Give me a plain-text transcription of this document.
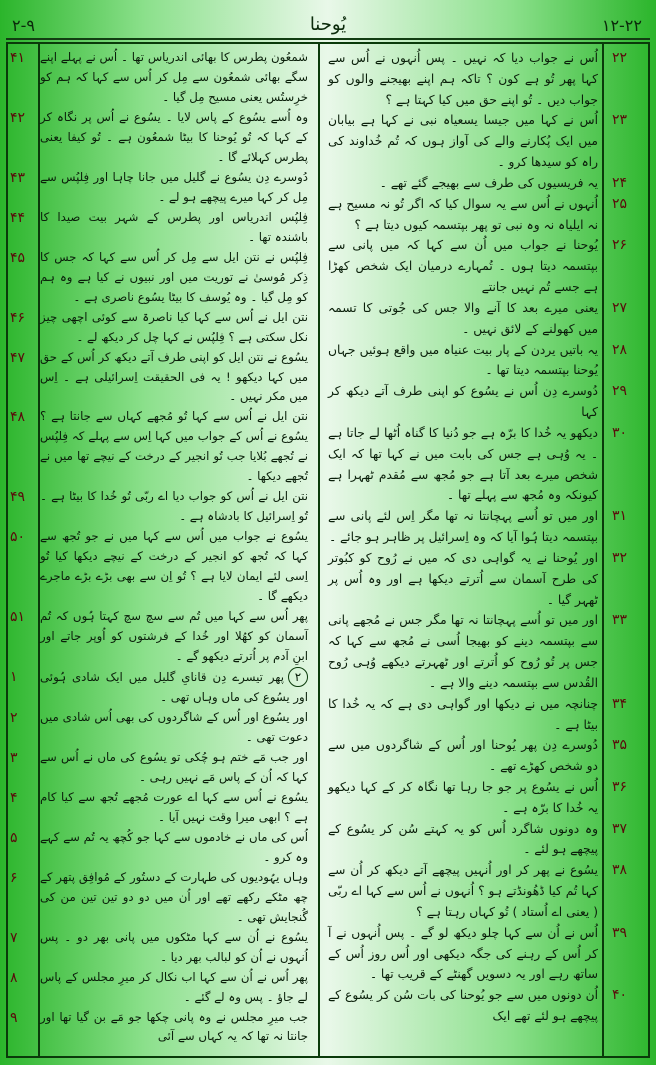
۲-۹	یُوحنا	۱۲-۲۲

اُس نے جواب دیا کہ نہیں ۔ پس اُنہوں نے اُس سے کہا پھر تُو ہے کون ؟ تاکہ ہم اپنے بھیجنے والوں کو جواب دیں ۔ تُو اپنے حق میں کیا کہتا ہے ؟

اُس نے کہا میں جیسا یسعیاہ نبی نے کہا ہے بیابان میں ایک پُکارنے والے کی آواز ہوں کہ تُم خُداوند کی راہ کو سیدھا کرو ۔

یہ فریسیوں کی طرف سے بھیجے گئے تھے ۔

اُنہوں نے اُس سے یہ سوال کیا کہ اگر تُو نہ مسیح ہے نہ ایلیاہ نہ وہ نبی تو پھر بپتسمہ کیوں دیتا ہے ؟

یُوحنا نے جواب میں اُن سے کہا کہ میں پانی سے بپتسمہ دیتا ہوں ۔ تُمہارے درمیان ایک شخص کھڑا ہے جسے تُم نہیں جانتے

یعنی میرے بعد کا آنے والا جس کی جُوتی کا تسمہ میں کھولنے کے لائق نہیں ۔

یہ باتیں یردن کے پار بیت عنیاہ میں واقع ہوئیں جہاں یُوحنا بپتسمہ دیتا تھا ۔

دُوسرے دِن اُس نے یسُوع کو اپنی طرف آتے دیکھ کر کہا

دیکھو یہ خُدا کا برّہ ہے جو دُنیا کا گناہ اُٹھا لے جاتا ہے ۔ یہ وُہی ہے جس کی بابت میں نے کہا تھا کہ ایک شخص میرے بعد آتا ہے جو مُجھ سے مُقدم ٹھہرا ہے کیونکہ وہ مُجھ سے پہلے تھا ۔

اور میں تو اُسے پہچانتا نہ تھا مگر اِس لئے پانی سے بپتسمہ دیتا ہُوا آیا کہ وہ اِسرائیل پر ظاہر ہو جائے ۔

اور یُوحنا نے یہ گواہی دی کہ میں نے رُوح کو کبُوتر کی طرح آسمان سے اُترتے دیکھا ہے اور وہ اُس پر ٹھہر گیا ۔

اور میں تو اُسے پہچانتا نہ تھا مگر جس نے مُجھے پانی سے بپتسمہ دینے کو بھیجا اُسی نے مُجھ سے کہا کہ جس پر تُو رُوح کو اُترتے اور ٹھہرتے دیکھے وُہی رُوح القُدس سے بپتسمہ دینے والا ہے ۔

چنانچہ میں نے دیکھا اور گواہی دی ہے کہ یہ خُدا کا بیٹا ہے ۔

دُوسرے دِن پھر یُوحنا اور اُس کے شاگردوں میں سے دو شخص کھڑے تھے ۔

اُس نے یسُوع پر جو جا رہا تھا نگاہ کر کے کہا دیکھو یہ خُدا کا برّہ ہے ۔

وہ دونوں شاگرد اُس کو یہ کہتے سُن کر یسُوع کے پیچھے ہو لئے ۔

یسُوع نے پھر کر اور اُنہیں پیچھے آتے دیکھ کر اُن سے کہا تُم کیا ڈھُونڈتے ہو ؟ اُنہوں نے اُس سے کہا اے ربّی ( یعنی اے اُستاد ) تُو کہاں رہتا ہے ؟

اُس نے اُن سے کہا چلو دیکھ لو گے ۔ پس اُنہوں نے آ کر اُس کے رہنے کی جگہ دیکھی اور اُس روز اُس کے ساتھ رہے اور یہ دسویں گھنٹے کے قریب تھا ۔

اُن دونوں میں سے جو یُوحنا کی بات سُن کر یسُوع کے پیچھے ہو لئے تھے ایک

شمعُون پطرس کا بھائی اندریاس تھا ۔ اُس نے پہلے اپنے سگے بھائی شمعُون سے مِل کر اُس سے کہا کہ ہم کو خرِستُس یعنی مسیح مِل گیا ۔

وہ اُسے یسُوع کے پاس لایا ۔ یسُوع نے اُس پر نگاہ کر کے کہا کہ تُو یُوحنا کا بیٹا شمعُون ہے ۔ تُو کیفا یعنی پطرس کہلائے گا ۔

دُوسرے دِن یسُوع نے گلیل میں جانا چاہا اور فِلپُس سے مِل کر کہا میرے پیچھے ہو لے ۔

فِلپُس اندریاس اور پطرس کے شہر بیت صیدا کا باشندہ تھا ۔

فِلپُس نے نتن ایل سے مِل کر اُس سے کہا کہ جس کا ذِکر مُوسیٰ نے توریت میں اور نبیوں نے کیا ہے وہ ہم کو مِل گیا ۔ وہ یُوسف کا بیٹا یسُوع ناصری ہے ۔

نتن ایل نے اُس سے کہا کیا ناصرۃ سے کوئی اچھی چیز نکل سکتی ہے ؟ فِلپُس نے کہا چل کر دیکھ لے ۔

یسُوع نے نتن ایل کو اپنی طرف آتے دیکھ کر اُس کے حق میں کہا دیکھو ! یہ فی الحقیقت اِسرائیلی ہے ۔ اِس میں مکر نہیں ۔

نتن ایل نے اُس سے کہا تُو مُجھے کہاں سے جانتا ہے ؟ یسُوع نے اُس کے جواب میں کہا اِس سے پہلے کہ فِلپُس نے تُجھے بُلایا جب تُو انجیر کے درخت کے نیچے تھا میں نے تُجھے دیکھا ۔

نتن ایل نے اُس کو جواب دیا اے ربّی تُو خُدا کا بیٹا ہے ۔ تُو اِسرائیل کا بادشاہ ہے ۔

یسُوع نے جواب میں اُس سے کہا میں نے جو تُجھ سے کہا کہ تُجھ کو انجیر کے درخت کے نیچے دیکھا کیا تُو اِسی لئے ایمان لایا ہے ؟ تُو اِن سے بھی بڑے بڑے ماجرے دیکھے گا ۔

پھر اُس سے کہا میں تُم سے سچ سچ کہتا ہُوں کہ تُم آسمان کو کھُلا اور خُدا کے فرشتوں کو اُوپر جاتے اور ابنِ آدم پر اُترتے دیکھو گے ۔

۲پھر تیسرے دِن قانایِ گلیل میں ایک شادی ہُوئی اور یسُوع کی ماں وہاں تھی ۔

اور یسُوع اور اُس کے شاگردوں کی بھی اُس شادی میں دعوت تھی ۔

اور جب مَے ختم ہو چُکی تو یسُوع کی ماں نے اُس سے کہا کہ اُن کے پاس مَے نہیں رہی ۔

یسُوع نے اُس سے کہا اے عورت مُجھے تُجھ سے کیا کام ہے ؟ ابھی میرا وقت نہیں آیا ۔

اُس کی ماں نے خادموں سے کہا جو کُچھ یہ تُم سے کہے وہ کرو ۔

وہاں یہُودیوں کی طہارت کے دستُور کے مُوافِق پتھر کے چھ مٹکے رکھے تھے اور اُن میں دو دو تین تین من کی گُنجایش تھی ۔

یسُوع نے اُن سے کہا مٹکوں میں پانی بھر دو ۔ پس اُنہوں نے اُن کو لبالب بھر دیا ۔

پھر اُس نے اُن سے کہا اب نکال کر میرِ مجلس کے پاس لے جاؤ ۔ پس وہ لے گئے ۔

جب میرِ مجلس نے وہ پانی چکھا جو مَے بن گیا تھا اور جانتا نہ تھا کہ یہ کہاں سے آئی

۲۲
۲۳
۲۴
۲۵
۲۶
۲۷
۲۸
۲۹
۳۰
۳۱
۳۲
۳۳
۳۴
۳۵
۳۶
۳۷
۳۸
۳۹
۴۰
۴۱
۴۲
۴۳
۴۴
۴۵
۴۶
۴۷
۴۸
۴۹
۵۰
۵۱
۱
۲
۳
۴
۵
۶
۷
۸
۹
